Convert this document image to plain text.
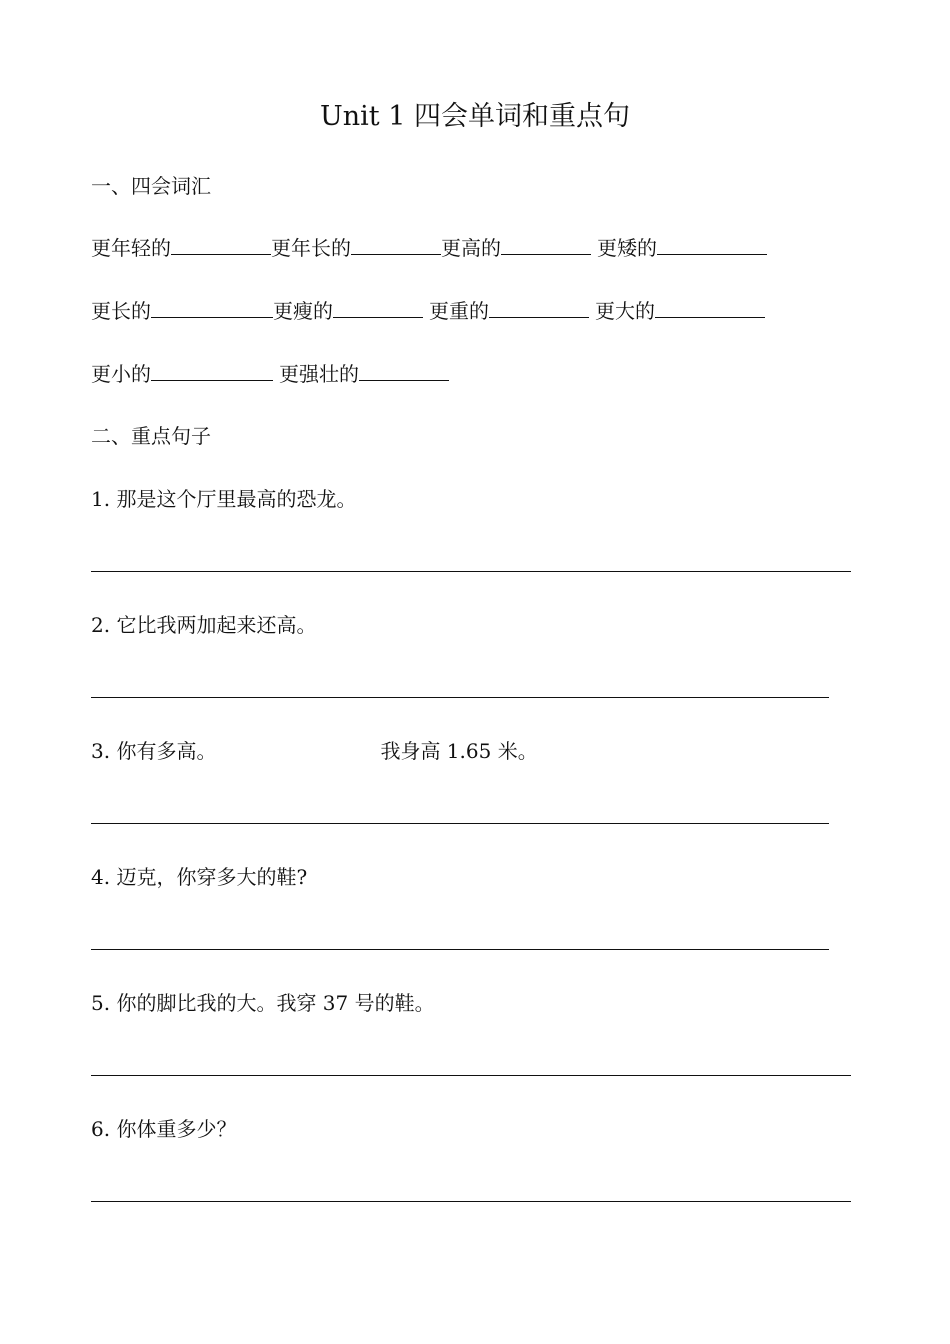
Unit 1 四会单词和重点句
一、四会词汇
更年轻的	更年长的	更高的	更矮的
更长的	更瘦的	更重的	更大的
更小的	更强壮的
二、重点句子
1. 那是这个厅里最高的恐龙。
2. 它比我两加起来还高。
3. 你有多高。	我身高 1.65 米。
4. 迈克，你穿多大的鞋?
5. 你的脚比我的大。我穿 37 号的鞋。
6. 你体重多少？
